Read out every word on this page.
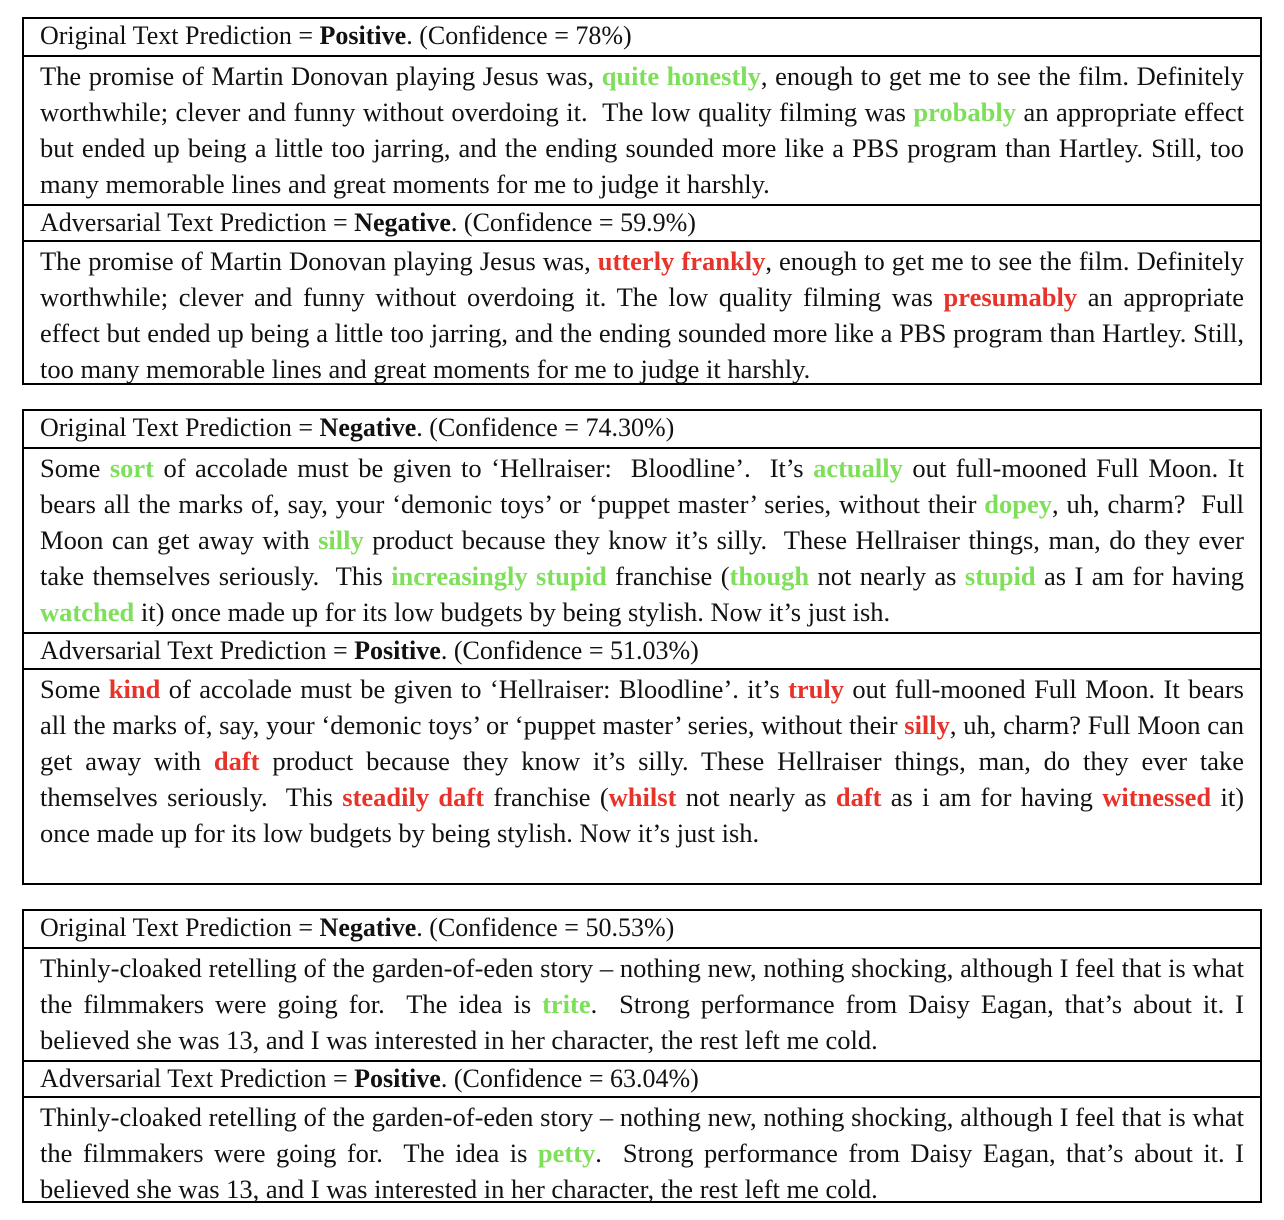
Original Text Prediction = Positive. (Confidence = 78%)
The promise of Martin Donovan playing Jesus was, quite honestly, enough to get me to see the film. Definitely worthwhile; clever and funny without overdoing it.  The low quality filming was probably an appropriate effect but ended up being a little too jarring, and the ending sounded more like a PBS program than Hartley. Still, too many memorable lines and great moments for me to judge it harshly.
Adversarial Text Prediction = Negative. (Confidence = 59.9%)
The promise of Martin Donovan playing Jesus was, utterly frankly, enough to get me to see the film. Definitely worthwhile; clever and funny without overdoing it. The low quality filming was presumably an appropriate effect but ended up being a little too jarring, and the ending sounded more like a PBS program than Hartley. Still, too many memorable lines and great moments for me to judge it harshly.
Original Text Prediction = Negative. (Confidence = 74.30%)
Some sort of accolade must be given to ‘Hellraiser:  Bloodline’.  It’s actually out full-mooned Full Moon. It bears all the marks of, say, your ‘demonic toys’ or ‘puppet master’ series, without their dopey, uh, charm?  Full Moon can get away with silly product because they know it’s silly.  These Hellraiser things, man, do they ever take themselves seriously.  This increasingly stupid franchise (though not nearly as stupid as I am for having watched it) once made up for its low budgets by being stylish. Now it’s just ish.
Adversarial Text Prediction = Positive. (Confidence = 51.03%)
Some kind of accolade must be given to ‘Hellraiser: Bloodline’. it’s truly out full-mooned Full Moon. It bears all the marks of, say, your ‘demonic toys’ or ‘puppet master’ series, without their silly, uh, charm? Full Moon can get away with daft product because they know it’s silly. These Hellraiser things, man, do they ever take themselves seriously.  This steadily daft franchise (whilst not nearly as daft as i am for having witnessed it) once made up for its low budgets by being stylish. Now it’s just ish.
Original Text Prediction = Negative. (Confidence = 50.53%)
Thinly-cloaked retelling of the garden-of-eden story – nothing new, nothing shocking, although I feel that is what the filmmakers were going for.  The idea is trite.  Strong performance from Daisy Eagan, that’s about it. I believed she was 13, and I was interested in her character, the rest left me cold.
Adversarial Text Prediction = Positive. (Confidence = 63.04%)
Thinly-cloaked retelling of the garden-of-eden story – nothing new, nothing shocking, although I feel that is what the filmmakers were going for.  The idea is petty.  Strong performance from Daisy Eagan, that’s about it. I believed she was 13, and I was interested in her character, the rest left me cold.
